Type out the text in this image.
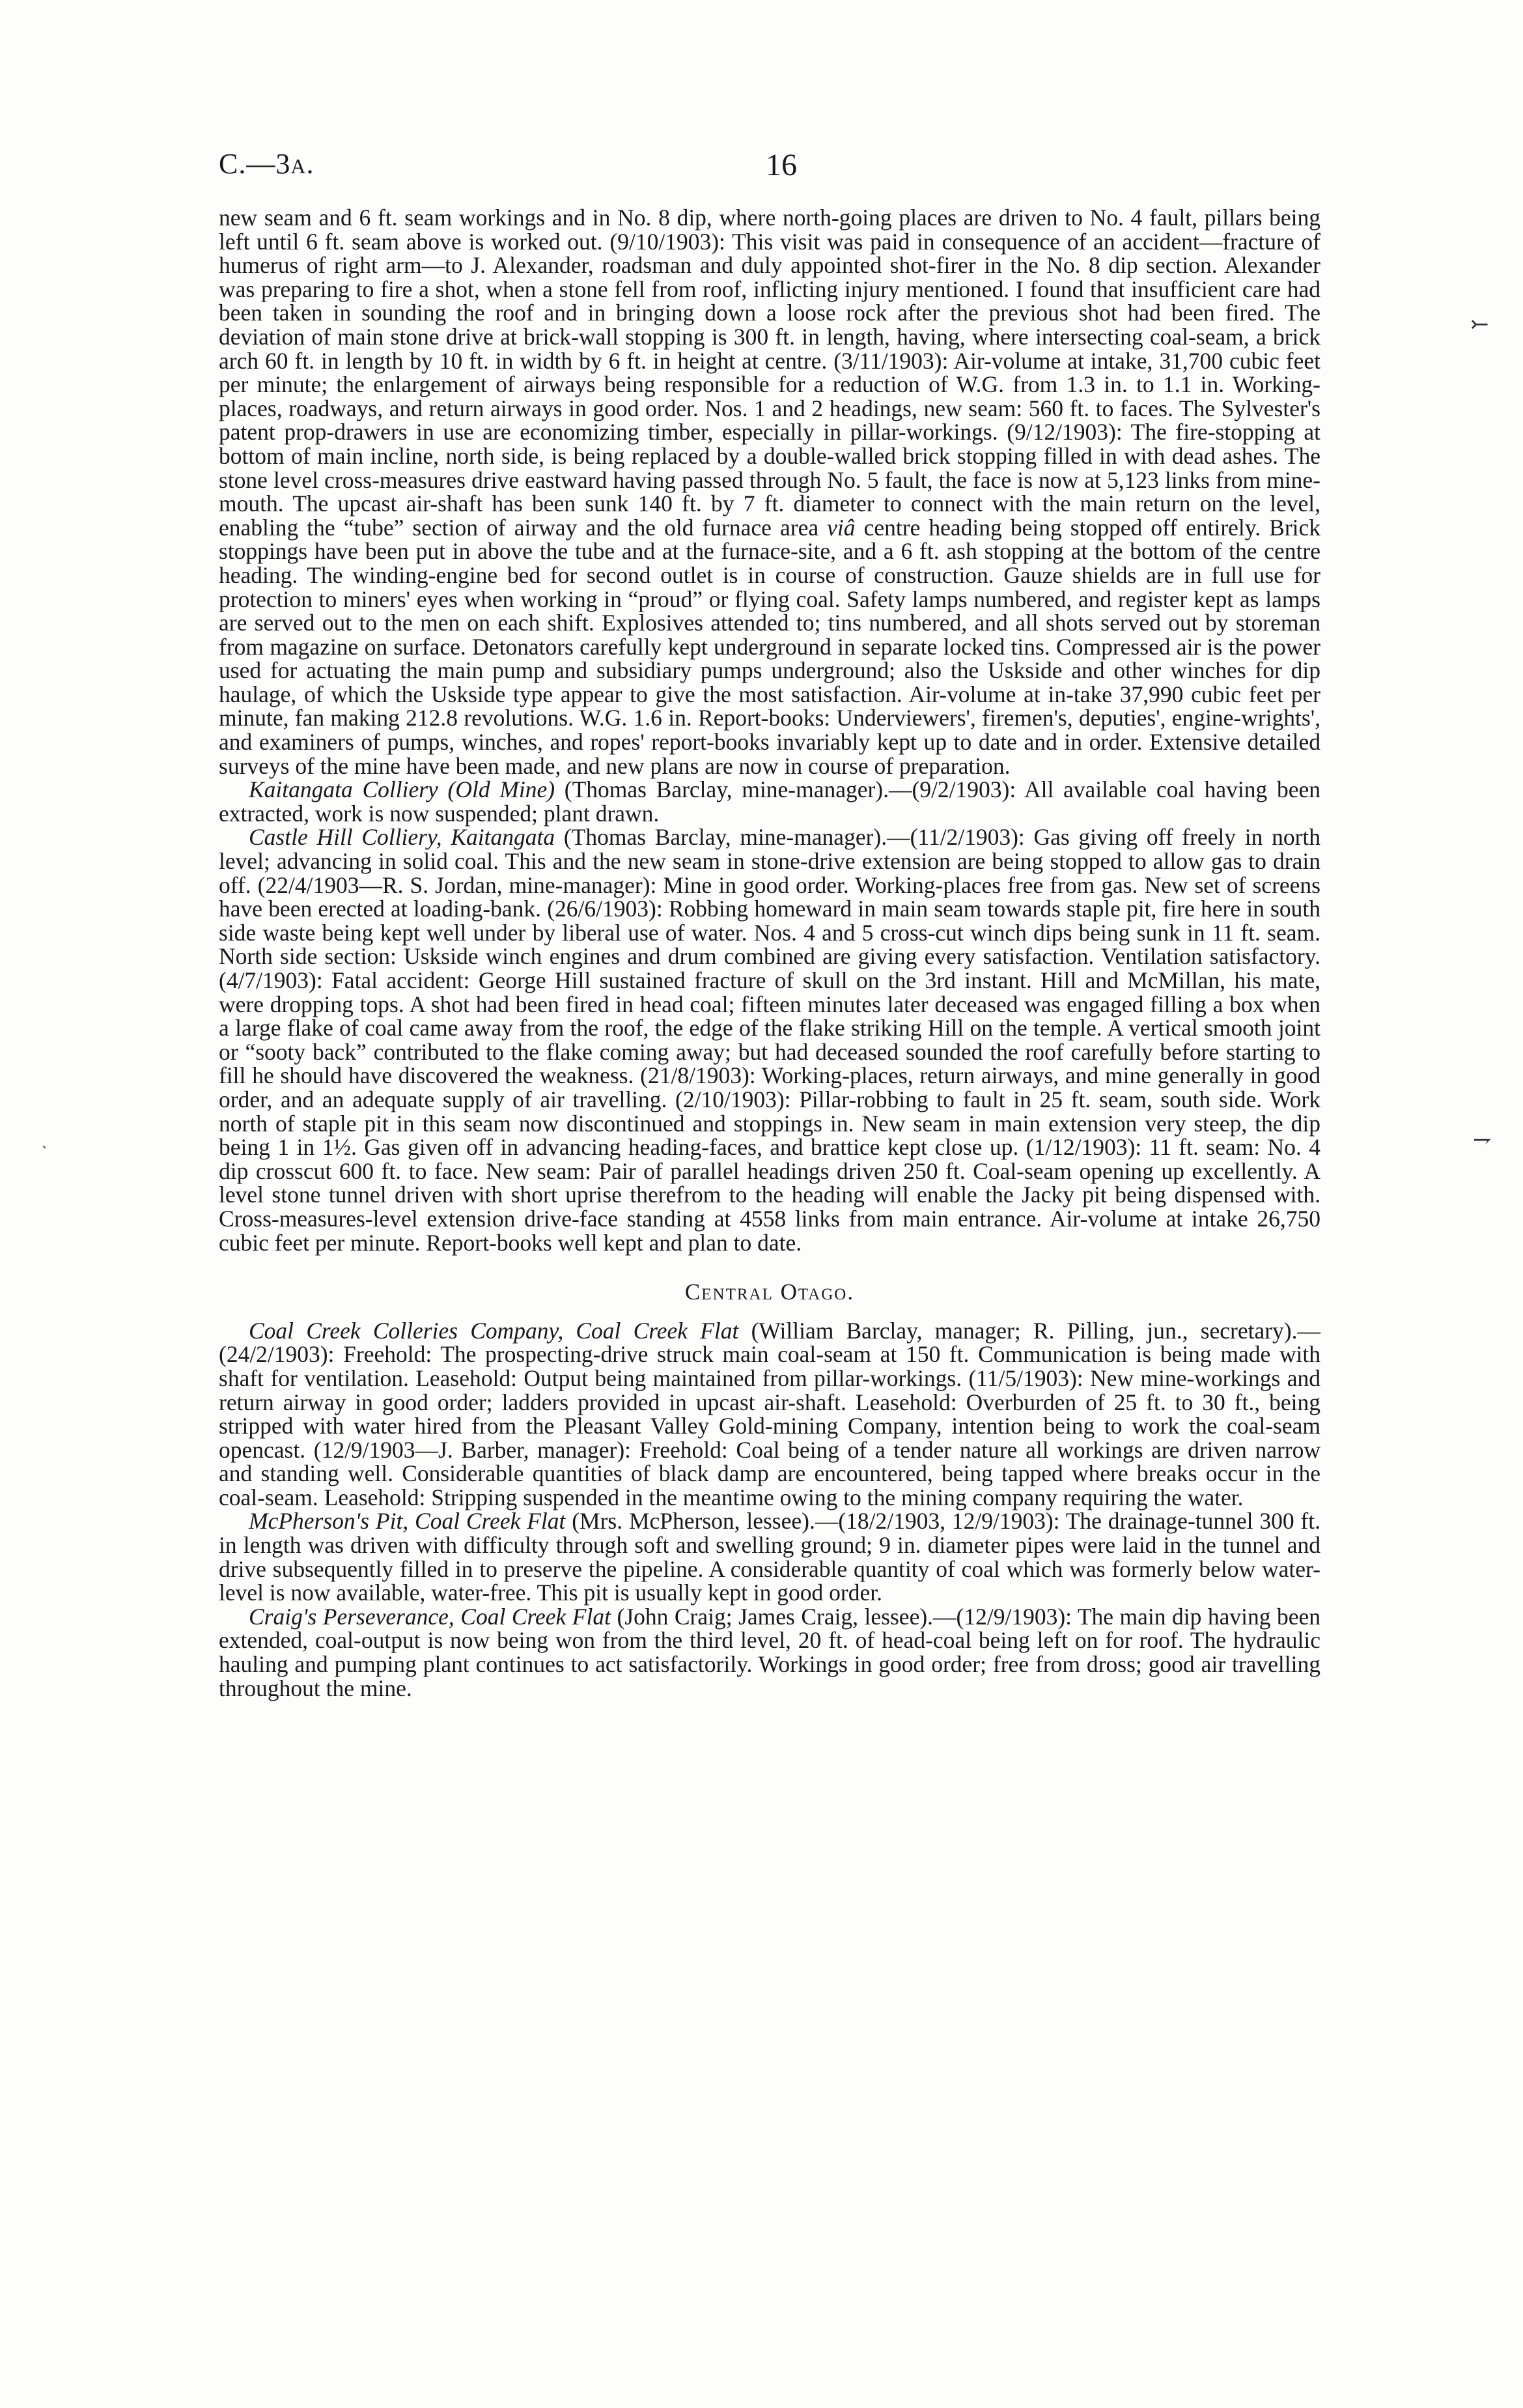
C.—3A.	16
⤚
⇁
`

new seam and 6 ft. seam workings and in No. 8 dip, where north-going places are driven to No. 4 fault, pillars being left until 6 ft. seam above is worked out. (9/10/1903): This visit was paid in consequence of an accident—fracture of humerus of right arm—to J. Alexander, roadsman and duly appointed shot-firer in the No. 8 dip section. Alexander was preparing to fire a shot, when a stone fell from roof, inflicting injury mentioned. I found that insufficient care had been taken in sounding the roof and in bringing down a loose rock after the previous shot had been fired. The deviation of main stone drive at brick-wall stopping is 300 ft. in length, having, where intersecting coal-seam, a brick arch 60 ft. in length by 10 ft. in width by 6 ft. in height at centre. (3/11/1903): Air-volume at intake, 31,700 cubic feet per minute; the enlargement of airways being responsible for a reduction of W.G. from 1.3 in. to 1.1 in. Working-places, roadways, and return airways in good order. Nos. 1 and 2 headings, new seam: 560 ft. to faces. The Sylvester's patent prop-drawers in use are economizing timber, especially in pillar-workings. (9/12/1903): The fire-stopping at bottom of main incline, north side, is being replaced by a double-walled brick stopping filled in with dead ashes. The stone level cross-measures drive eastward having passed through No. 5 fault, the face is now at 5,123 links from mine-mouth. The upcast air-shaft has been sunk 140 ft. by 7 ft. diameter to connect with the main return on the level, enabling the “tube” section of airway and the old furnace area viâ centre heading being stopped off entirely. Brick stoppings have been put in above the tube and at the furnace-site, and a 6 ft. ash stopping at the bottom of the centre heading. The winding-engine bed for second outlet is in course of construction. Gauze shields are in full use for protection to miners' eyes when working in “proud” or flying coal. Safety lamps numbered, and register kept as lamps are served out to the men on each shift. Explosives attended to; tins numbered, and all shots served out by storeman from magazine on surface. Detonators carefully kept underground in separate locked tins. Compressed air is the power used for actuating the main pump and subsidiary pumps underground; also the Uskside and other winches for dip haulage, of which the Uskside type appear to give the most satisfaction. Air-volume at in-take 37,990 cubic feet per minute, fan making 212.8 revolutions. W.G. 1.6 in. Report-books: Underviewers', firemen's, deputies', engine-wrights', and examiners of pumps, winches, and ropes' report-books invariably kept up to date and in order. Extensive detailed surveys of the mine have been made, and new plans are now in course of preparation.

Kaitangata Colliery (Old Mine) (Thomas Barclay, mine-manager).—(9/2/1903): All available coal having been extracted, work is now suspended; plant drawn.

Castle Hill Colliery, Kaitangata (Thomas Barclay, mine-manager).—(11/2/1903): Gas giving off freely in north level; advancing in solid coal. This and the new seam in stone-drive extension are being stopped to allow gas to drain off. (22/4/1903—R. S. Jordan, mine-manager): Mine in good order. Working-places free from gas. New set of screens have been erected at loading-bank. (26/6/1903): Robbing homeward in main seam towards staple pit, fire here in south side waste being kept well under by liberal use of water. Nos. 4 and 5 cross-cut winch dips being sunk in 11 ft. seam. North side section: Uskside winch engines and drum combined are giving every satisfaction. Ventilation satisfactory. (4/7/1903): Fatal accident: George Hill sustained fracture of skull on the 3rd instant. Hill and McMillan, his mate, were dropping tops. A shot had been fired in head coal; fifteen minutes later deceased was engaged filling a box when a large flake of coal came away from the roof, the edge of the flake striking Hill on the temple. A vertical smooth joint or “sooty back” contributed to the flake coming away; but had deceased sounded the roof carefully before starting to fill he should have discovered the weakness. (21/8/1903): Working-places, return airways, and mine generally in good order, and an adequate supply of air travelling. (2/10/1903): Pillar-robbing to fault in 25 ft. seam, south side. Work north of staple pit in this seam now discontinued and stoppings in. New seam in main extension very steep, the dip being 1 in 1½. Gas given off in advancing heading-faces, and brattice kept close up. (1/12/1903): 11 ft. seam: No. 4 dip crosscut 600 ft. to face. New seam: Pair of parallel headings driven 250 ft. Coal-seam opening up excellently. A level stone tunnel driven with short uprise therefrom to the heading will enable the Jacky pit being dispensed with. Cross-measures-level extension drive-face standing at 4558 links from main entrance. Air-volume at intake 26,750 cubic feet per minute. Report-books well kept and plan to date.

Central Otago.

Coal Creek Colleries Company, Coal Creek Flat (William Barclay, manager; R. Pilling, jun., secretary).—(24/2/1903): Freehold: The prospecting-drive struck main coal-seam at 150 ft. Communication is being made with shaft for ventilation. Leasehold: Output being maintained from pillar-workings. (11/5/1903): New mine-workings and return airway in good order; ladders provided in upcast air-shaft. Leasehold: Overburden of 25 ft. to 30 ft., being stripped with water hired from the Pleasant Valley Gold-mining Company, intention being to work the coal-seam opencast. (12/9/1903—J. Barber, manager): Freehold: Coal being of a tender nature all workings are driven narrow and standing well. Considerable quantities of black damp are encountered, being tapped where breaks occur in the coal-seam. Leasehold: Stripping suspended in the meantime owing to the mining company requiring the water.

McPherson's Pit, Coal Creek Flat (Mrs. McPherson, lessee).—(18/2/1903, 12/9/1903): The drainage-tunnel 300 ft. in length was driven with difficulty through soft and swelling ground; 9 in. diameter pipes were laid in the tunnel and drive subsequently filled in to preserve the pipeline. A considerable quantity of coal which was formerly below water-level is now available, water-free. This pit is usually kept in good order.

Craig's Perseverance, Coal Creek Flat (John Craig; James Craig, lessee).—(12/9/1903): The main dip having been extended, coal-output is now being won from the third level, 20 ft. of head-coal being left on for roof. The hydraulic hauling and pumping plant continues to act satisfactorily. Workings in good order; free from dross; good air travelling throughout the mine.
